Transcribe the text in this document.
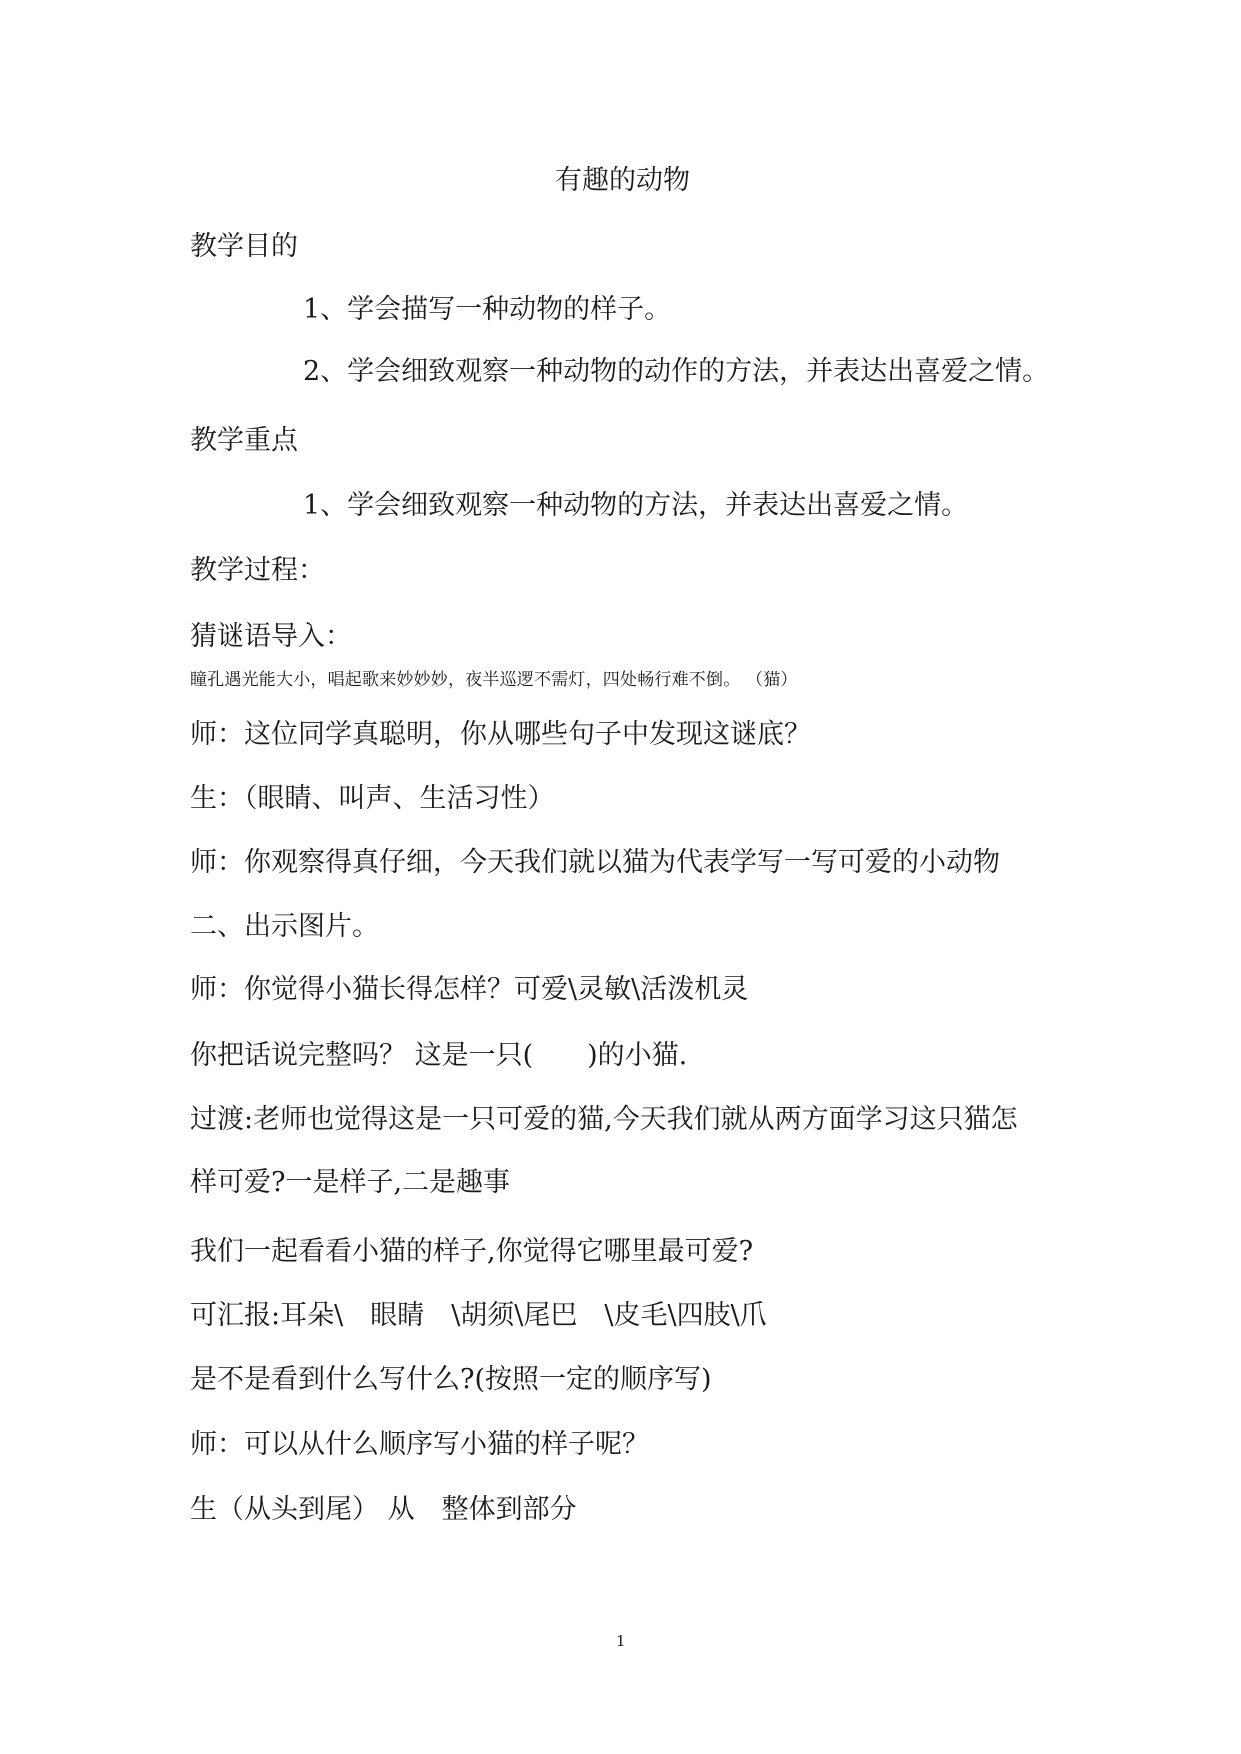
有趣的动物
教学目的
1、学会描写一种动物的样子。
2、学会细致观察一种动物的动作的方法，并表达出喜爱之情。
教学重点
1、学会细致观察一种动物的方法，并表达出喜爱之情。
教学过程：
猜谜语导入：
瞳孔遇光能大小，唱起歌来妙妙妙，夜半巡逻不需灯，四处畅行难不倒。 （猫）
师：这位同学真聪明，你从哪些句子中发现这谜底？
生：（眼睛、叫声、生活习性）
师：你观察得真仔细，今天我们就以猫为代表学写一写可爱的小动物
二、出示图片。
师：你觉得小猫长得怎样？可爱\灵敏\活泼机灵
你把话说完整吗？ 这是一只(　　)的小猫.
过渡:老师也觉得这是一只可爱的猫,今天我们就从两方面学习这只猫怎
样可爱?一是样子,二是趣事
我们一起看看小猫的样子,你觉得它哪里最可爱?
可汇报:耳朵\　眼睛　\胡须\尾巴　\皮毛\四肢\爪
是不是看到什么写什么?(按照一定的顺序写)
师：可以从什么顺序写小猫的样子呢？
生（从头到尾） 从　整体到部分
1
